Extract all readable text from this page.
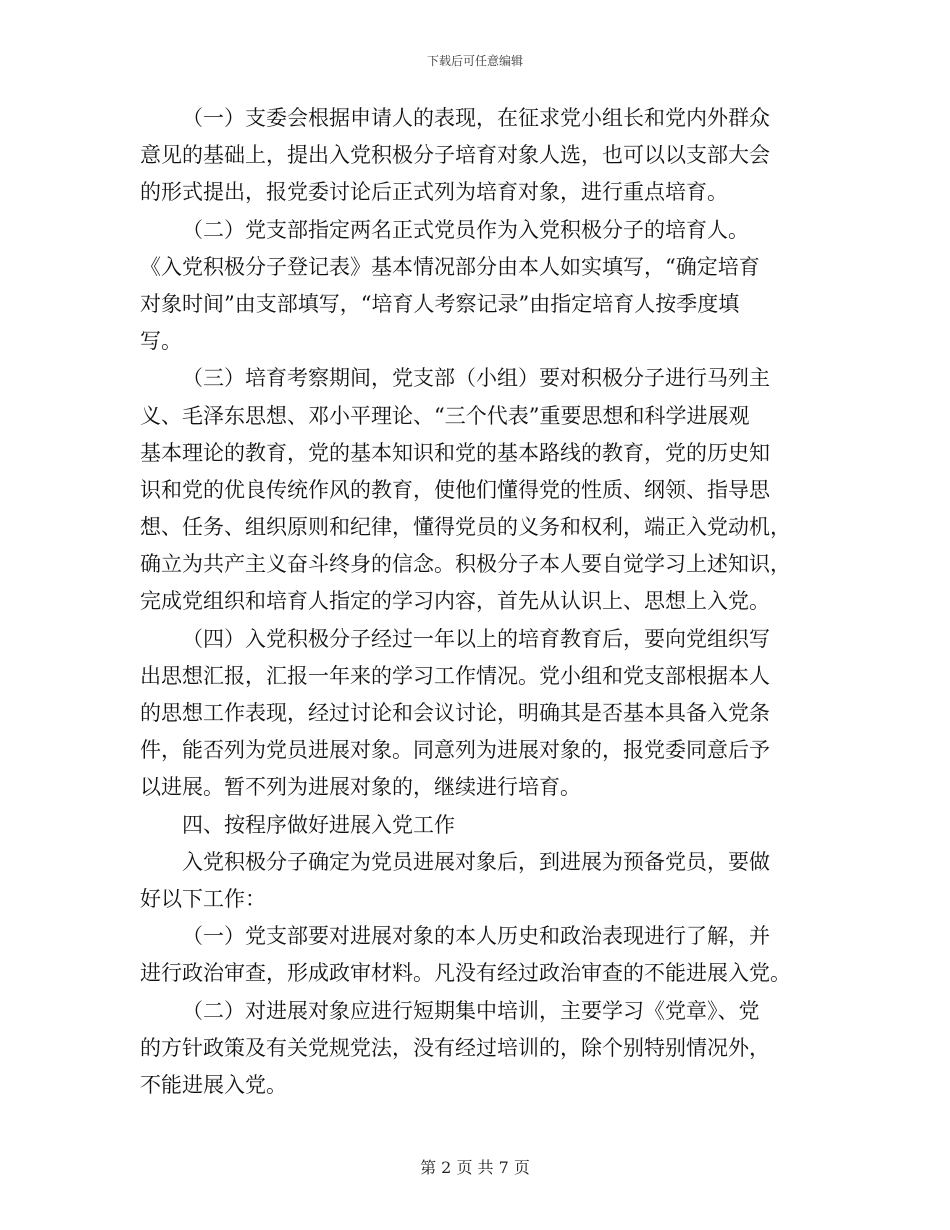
下载后可任意编辑
（一）支委会根据申请人的表现，在征求党小组长和党内外群众
意见的基础上，提出入党积极分子培育对象人选，也可以以支部大会
的形式提出，报党委讨论后正式列为培育对象，进行重点培育。
（二）党支部指定两名正式党员作为入党积极分子的培育人。
《入党积极分子登记表》基本情况部分由本人如实填写，“确定培育
对象时间”由支部填写，“培育人考察记录”由指定培育人按季度填
写。
（三）培育考察期间，党支部（小组）要对积极分子进行马列主
义、毛泽东思想、邓小平理论、“三个代表”重要思想和科学进展观
基本理论的教育，党的基本知识和党的基本路线的教育，党的历史知
识和党的优良传统作风的教育，使他们懂得党的性质、纲领、指导思
想、任务、组织原则和纪律，懂得党员的义务和权利，端正入党动机，
确立为共产主义奋斗终身的信念。积极分子本人要自觉学习上述知识，
完成党组织和培育人指定的学习内容，首先从认识上、思想上入党。
（四）入党积极分子经过一年以上的培育教育后，要向党组织写
出思想汇报，汇报一年来的学习工作情况。党小组和党支部根据本人
的思想工作表现，经过讨论和会议讨论，明确其是否基本具备入党条
件，能否列为党员进展对象。同意列为进展对象的，报党委同意后予
以进展。暂不列为进展对象的，继续进行培育。
四、按程序做好进展入党工作
入党积极分子确定为党员进展对象后，到进展为预备党员，要做
好以下工作：
（一）党支部要对进展对象的本人历史和政治表现进行了解，并
进行政治审查，形成政审材料。凡没有经过政治审查的不能进展入党。
（二）对进展对象应进行短期集中培训，主要学习《党章》、党
的方针政策及有关党规党法，没有经过培训的，除个别特别情况外，
不能进展入党。
第 2 页 共 7 页
